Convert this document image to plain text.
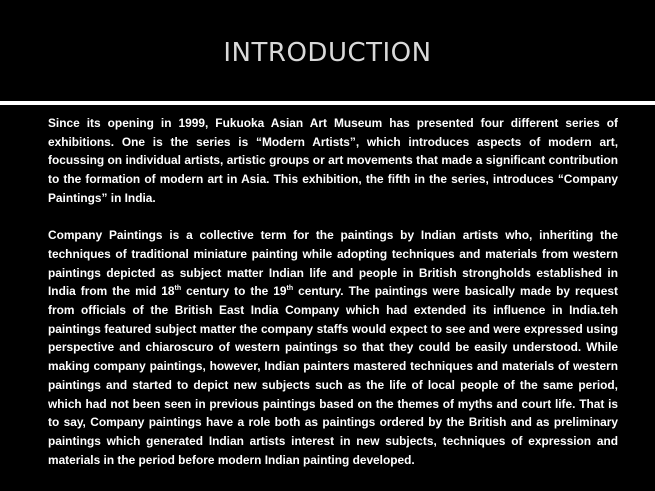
INTRODUCTION

Since its opening in 1999, Fukuoka Asian Art Museum has presented four different series of exhibitions. One is the series is “Modern Artists”, which introduces aspects of modern art, focussing on individual artists, artistic groups or art movements that made a significant contribution to the formation of modern art in Asia. This exhibition, the fifth in the series, introduces “Company Paintings” in India.

Company Paintings is a collective term for the paintings by Indian artists who, inheriting the techniques of traditional miniature painting while adopting techniques and materials from western paintings depicted as subject matter Indian life and people in British strongholds established in India from the mid 18th century to the 19th century. The paintings were basically made by request from officials of the British East India Company which had extended its influence in India.teh paintings featured subject matter the company staffs would expect to see and were expressed using perspective and chiaroscuro of western paintings so that they could be easily understood. While making company paintings, however, Indian painters mastered techniques and materials of western paintings and started to depict new subjects such as the life of local people of the same period, which had not been seen in previous paintings based on the themes of myths and court life. That is to say, Company paintings have a role both as paintings ordered by the British and as preliminary paintings which generated Indian artists interest in new subjects, techniques of expression and materials in the period before modern Indian painting developed.
